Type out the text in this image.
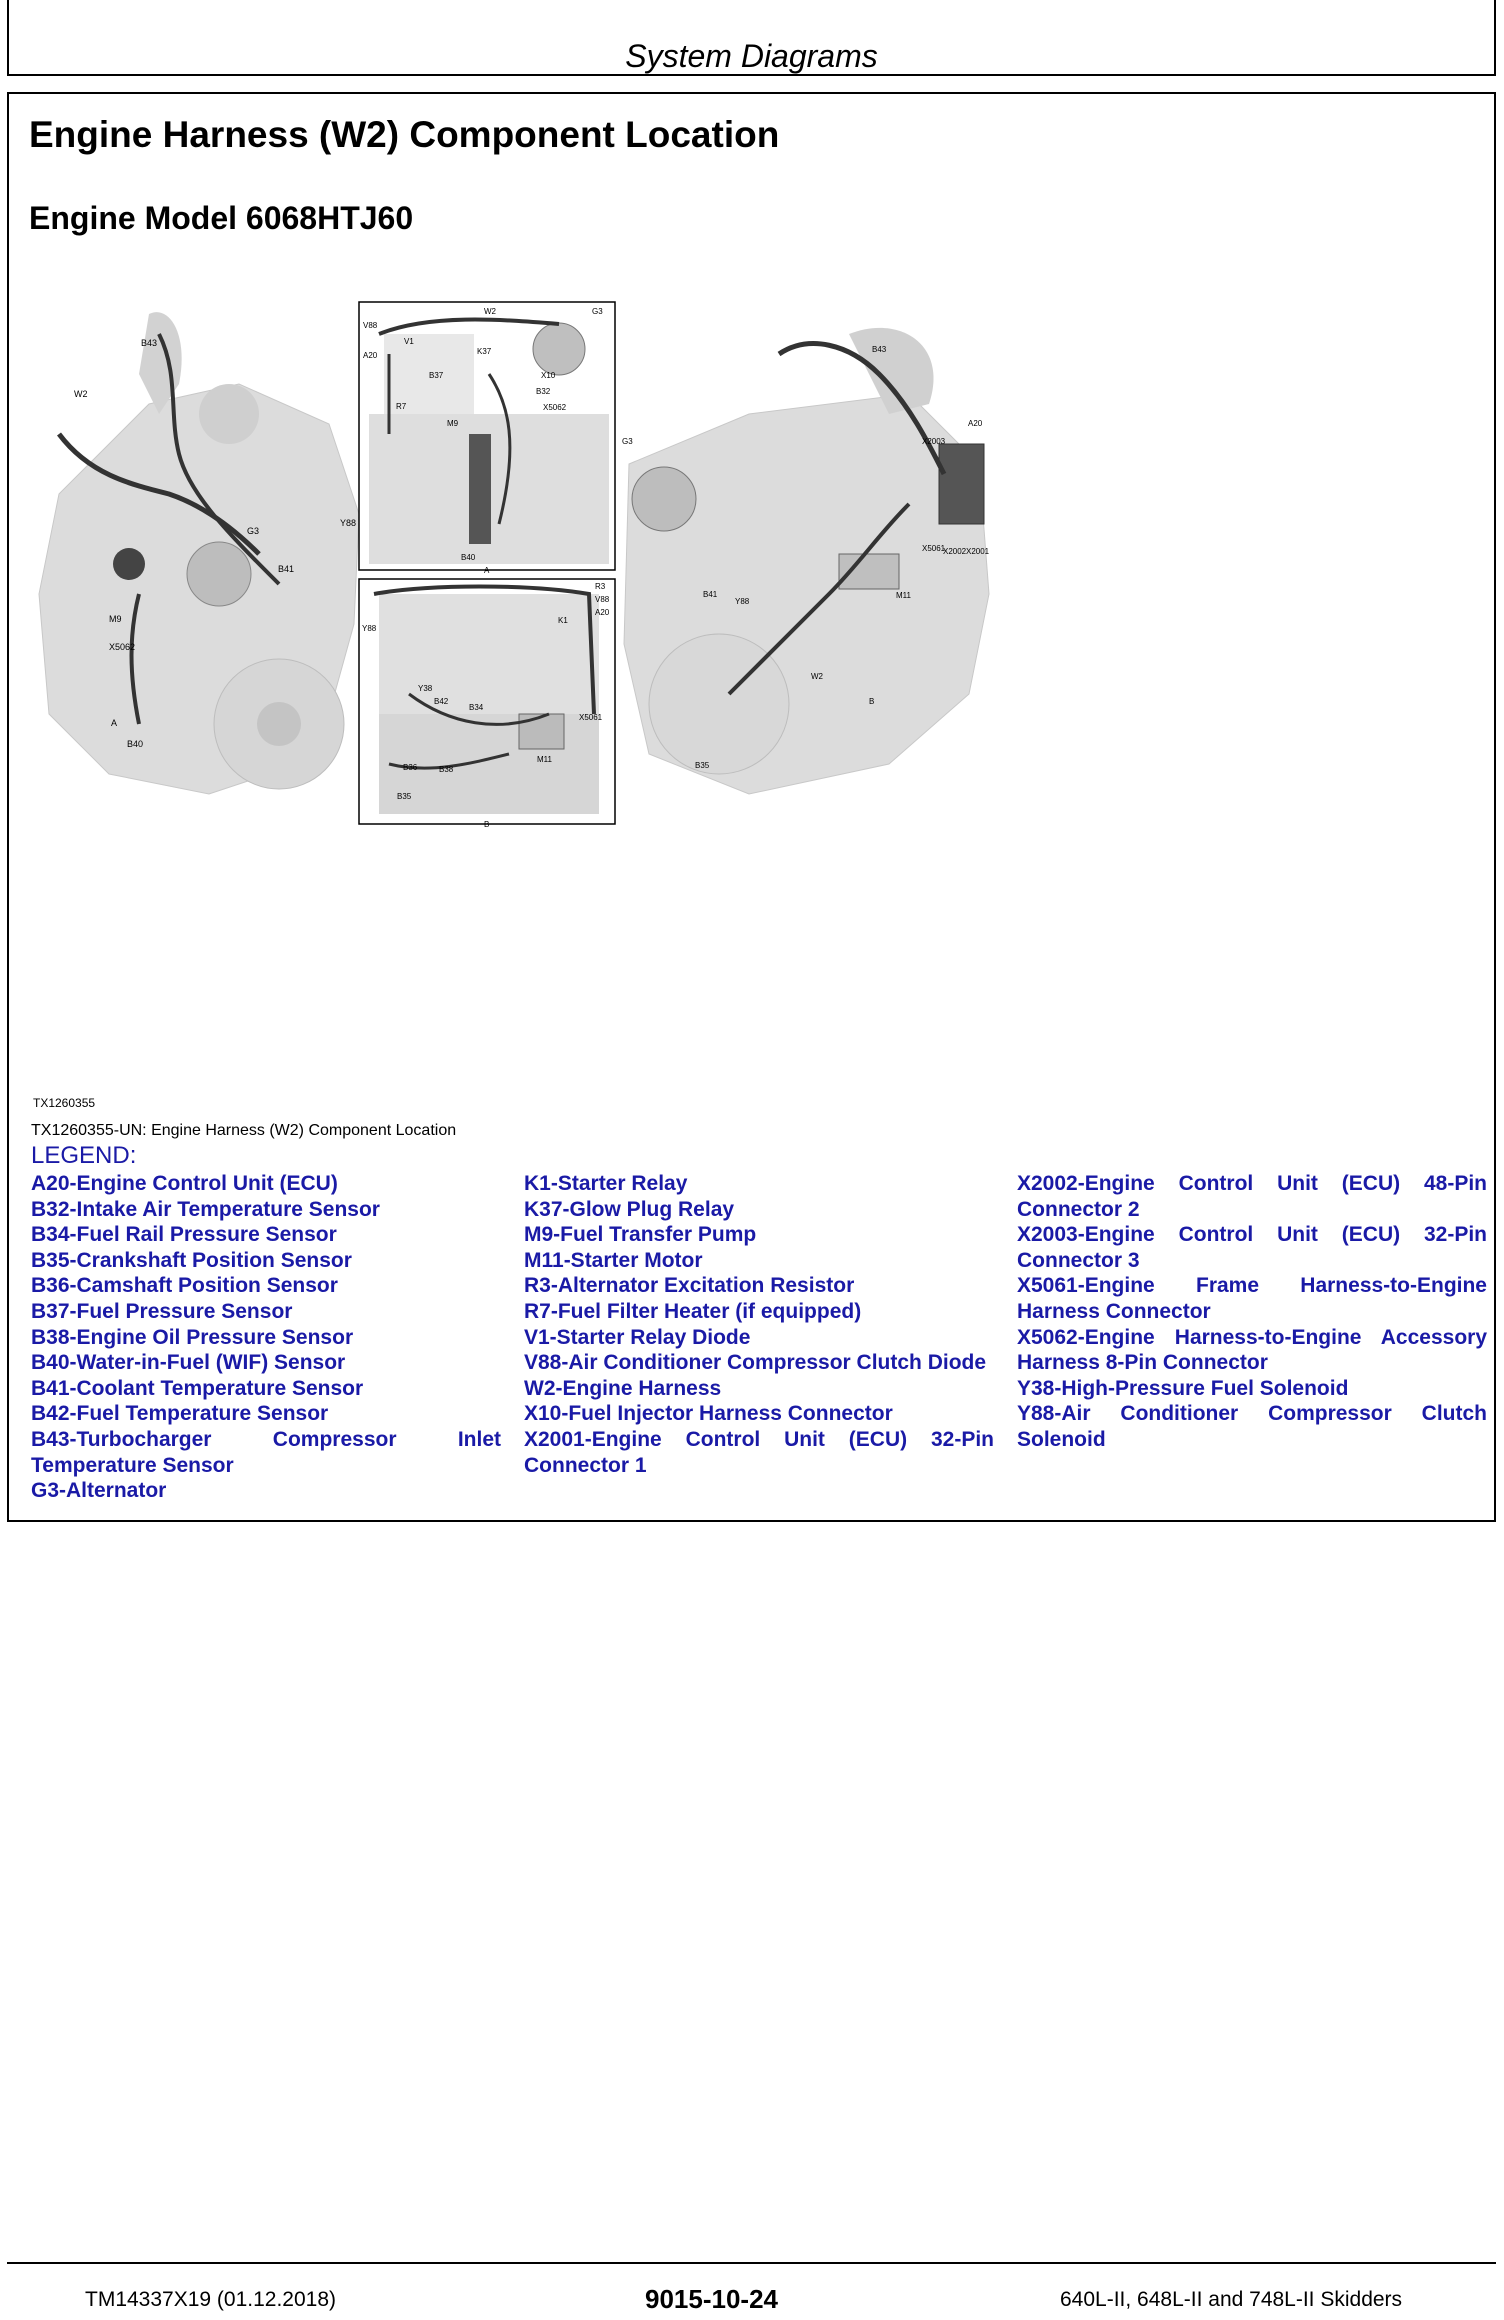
System Diagrams
Engine Harness (W2) Component Location
Engine Model 6068HTJ60
B43
W2
G3
Y88
B41
M9
X5062
B40
A
W2	G3
V88
A20
V1
B37
K37
X10
B32
X5062
R7
M9
B40
A
R3
V88
A20
K1
Y88
Y38
B42
B34
X5061
M11
B36	B38
B35
B
B43
A20
X2003
G3
X5061
X2002 X2001
B41
Y88
M11
W2
B35
B
TX1260355
TX1260355-UN: Engine Harness (W2) Component Location
LEGEND:
A20-Engine Control Unit (ECU)
B32-Intake Air Temperature Sensor
B34-Fuel Rail Pressure Sensor
B35-Crankshaft Position Sensor
B36-Camshaft Position Sensor
B37-Fuel Pressure Sensor
B38-Engine Oil Pressure Sensor
B40-Water-in-Fuel (WIF) Sensor
B41-Coolant Temperature Sensor
B42-Fuel Temperature Sensor
B43-Turbocharger Compressor Inlet Temperature Sensor
G3-Alternator
K1-Starter Relay
K37-Glow Plug Relay
M9-Fuel Transfer Pump
M11-Starter Motor
R3-Alternator Excitation Resistor
R7-Fuel Filter Heater (if equipped)
V1-Starter Relay Diode
V88-Air Conditioner Compressor Clutch Diode
W2-Engine Harness
X10-Fuel Injector Harness Connector
X2001-Engine Control Unit (ECU) 32-Pin Connector 1
X2002-Engine Control Unit (ECU) 48-Pin Connector 2
X2003-Engine Control Unit (ECU) 32-Pin Connector 3
X5061-Engine Frame Harness-to-Engine Harness Connector
X5062-Engine Harness-to-Engine Accessory Harness 8-Pin Connector
Y38-High-Pressure Fuel Solenoid
Y88-Air Conditioner Compressor Clutch Solenoid
TM14337X19 (01.12.2018)	9015-10-24	640L-II, 648L-II and 748L-II Skidders
